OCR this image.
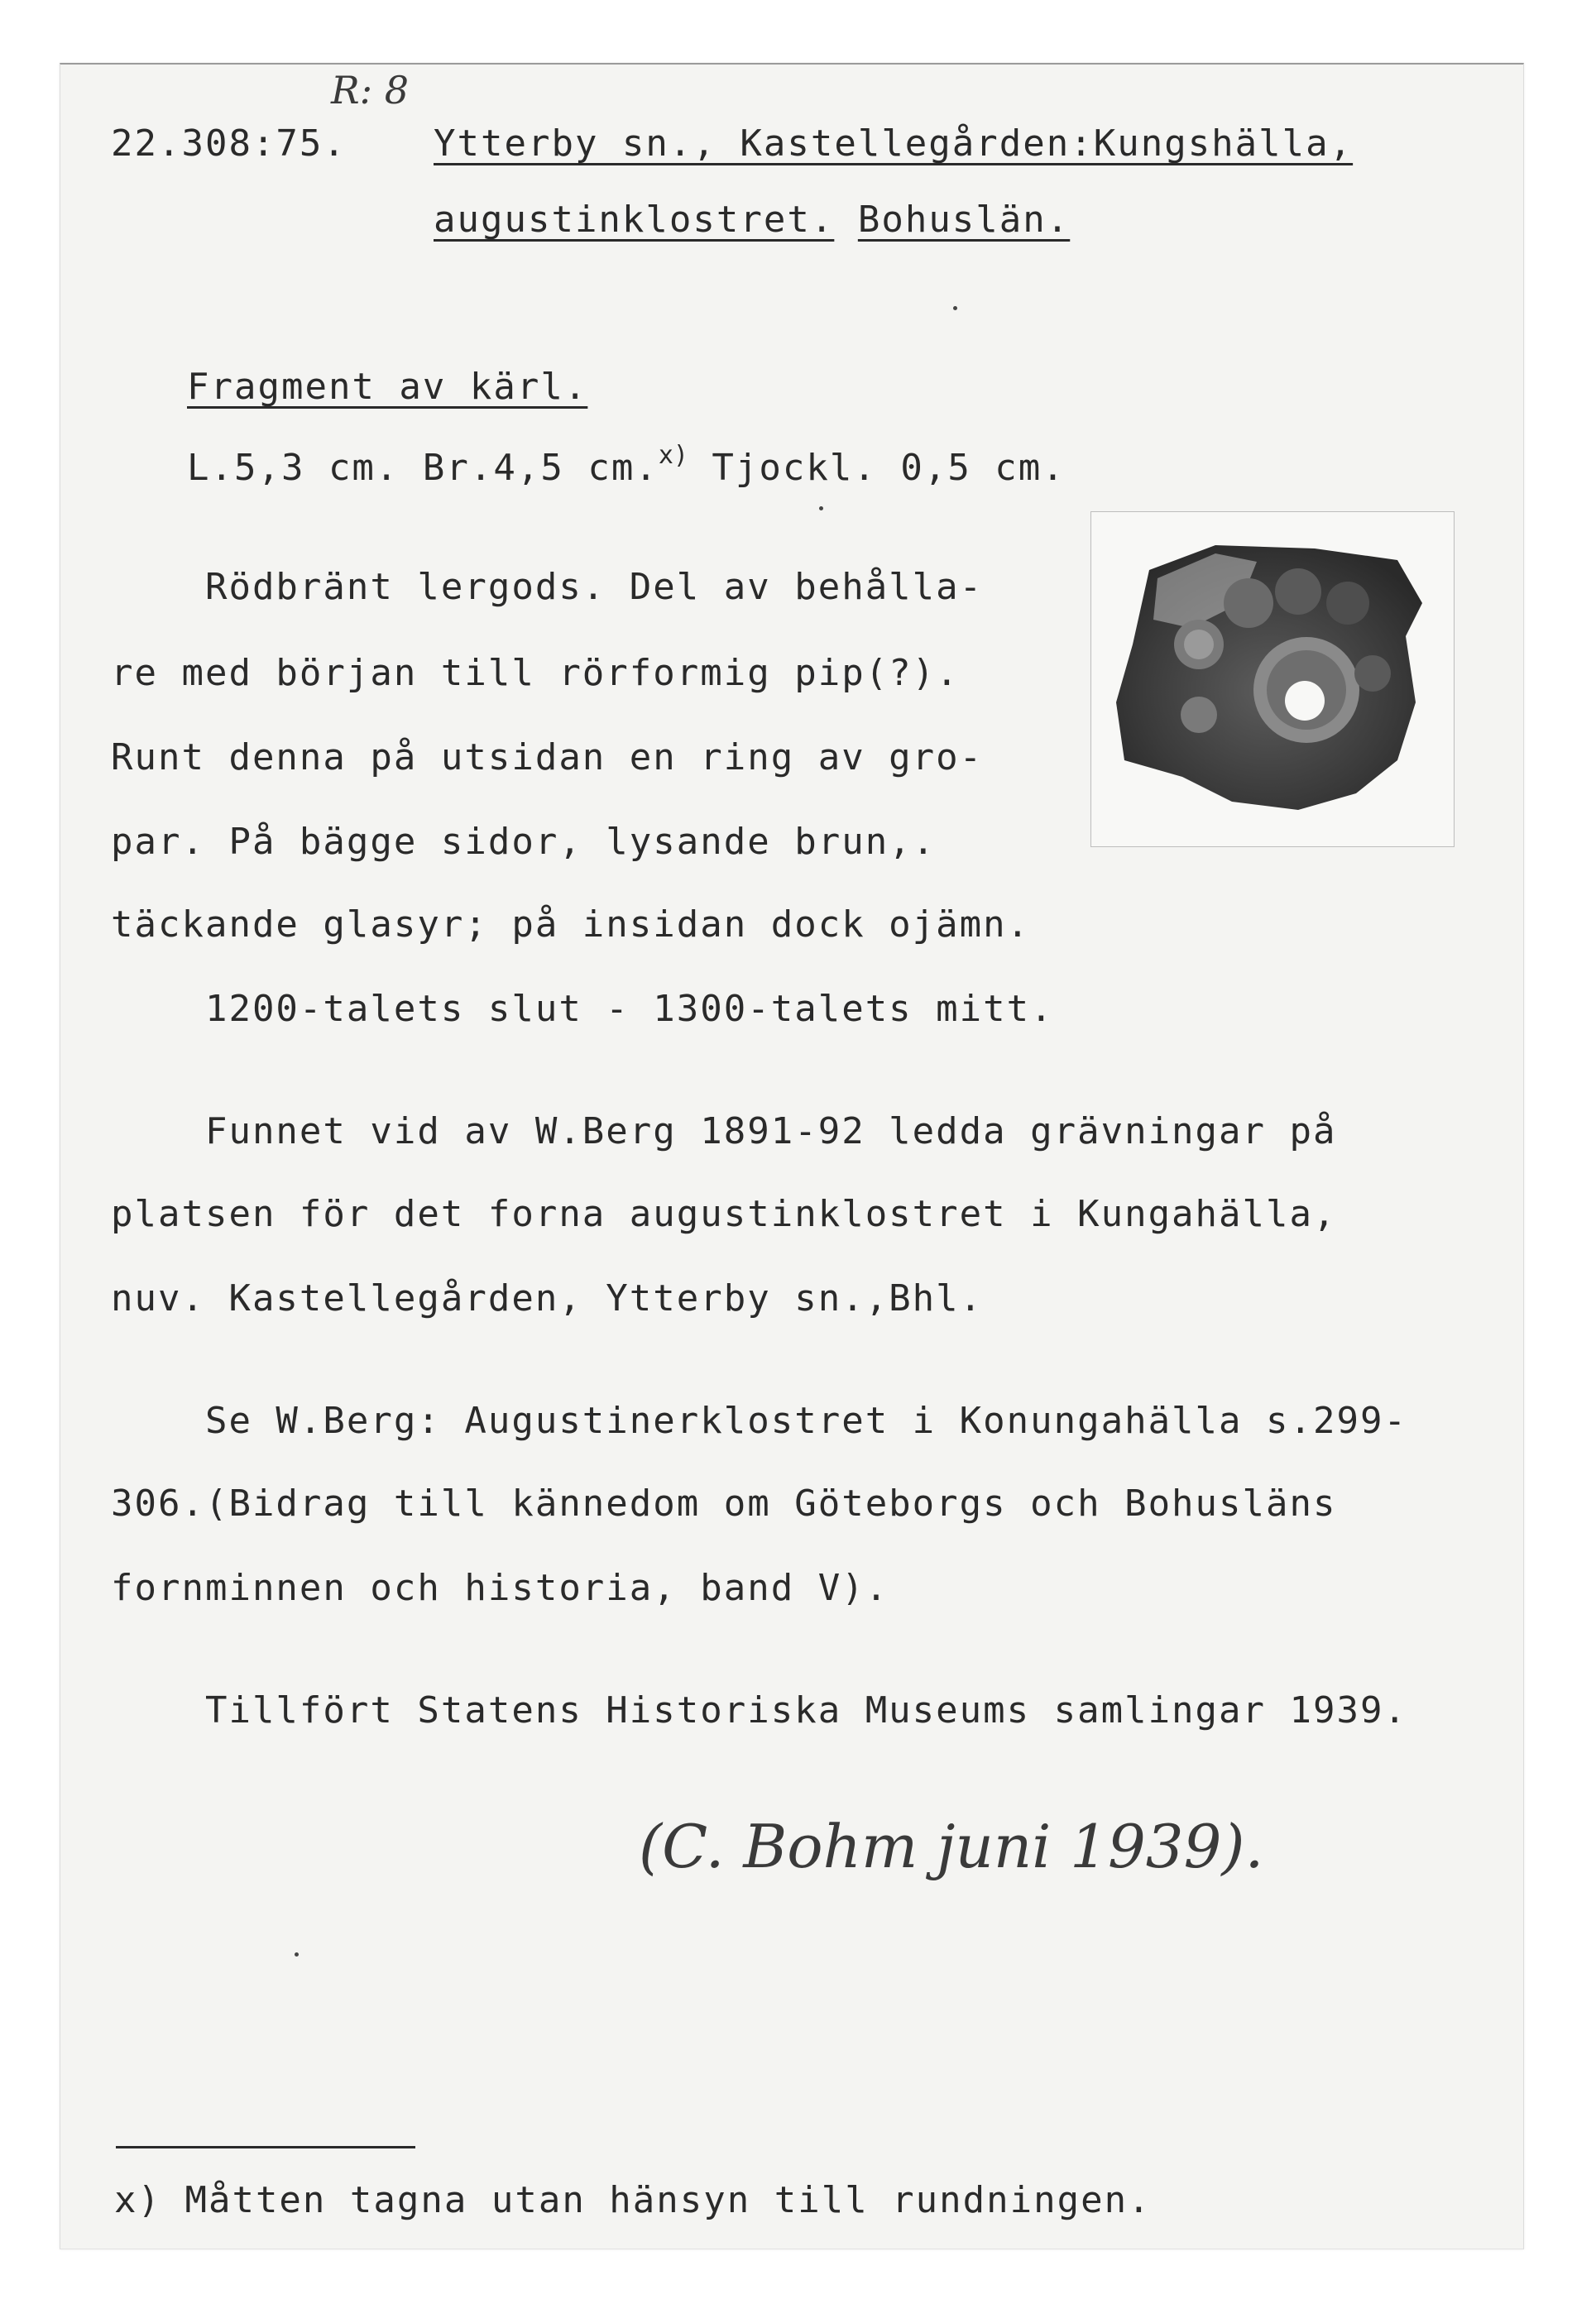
R: 8
22.308:75. Ytterby sn., Kastellegården:Kungshälla,
augustinklostret. Bohuslän.
Fragment av kärl.
L.5,3 cm. Br.4,5 cm.$^{x)}$ Tjockl. 0,5 cm.
Rödbränt lergods. Del av behålla-
re med början till rörformig pip(?).
Runt denna på utsidan en ring av gro-
par. På bägge sidor, lysande brun,.
täckande glasyr; på insidan dock ojämn.
1200-talets slut - 1300-talets mitt.
Funnet vid av W.Berg 1891-92 ledda grävningar på
platsen för det forna augustinklostret i Kungahälla,
nuv. Kastellegården, Ytterby sn.,Bhl.
Se W.Berg: Augustinerklostret i Konungahälla s.299-
306.(Bidrag till kännedom om Göteborgs och Bohusläns
fornminnen och historia, band V).
Tillfört Statens Historiska Museums samlingar 1939.
(C. Bohm juni 1939).
x) Måtten tagna utan hänsyn till rundningen.
